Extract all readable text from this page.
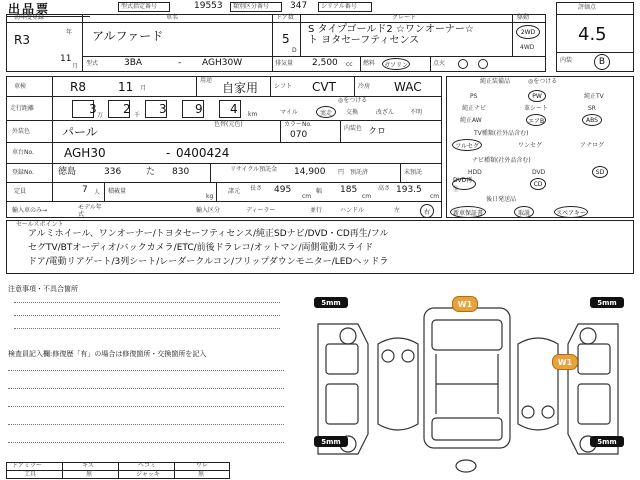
出品票	型式指定番号	19553 類別区分番号 347 シリアル番号
初年度登録	車名	ドア数	グレード	駆動
R3
年
11
月
アルファード	5
D
S タイプゴールド2 ☆ワンオーナー☆ト ヨタセーフティセンス
2WD
4WD
型式	3BA	- AGH30W	排気量 2,500 cc 燃料 ガソリン	点火
評価点
4.5
内装	B
車検	R8	11 月
用途
自家用	シフト CVT	冷房 WAC
走行距離	3 万 2 千 3 9 4 km	マイル
◎をつける
実走 交換	改ざん	不明
外装色	パール
色替(元色)	カラーNo.
070
内装色 クロ
車台No.	AGH30	- 0400424
登録No.	徳島	336	た 830	リサイクル預託金	14,900 円 預託済	未預託
定員	7 人 積載量
kg
諸元 長さ 495
cm
幅 185
cm
高さ 193.5
cm
輸入車のみ→	モデル年式
輸入区分	ディーラー	並行	ハンドル	左	右
純正装備品	◎をつける
PS	PW	純正TV
純正ナビ	革シート	SR
純正AW	エアB	ABS
TV種類(社外品含む)
フルセグ	ワンセグ	アナログ
ナビ種類(社外品含む)
HDD	DVD	SD
DVD再生
CD
後日発送品
新車保証書	取説	スペアキー
セールスポイント
アルミホイール、ワンオーナー/トヨタセーフティセンス/純正SDナビ/DVD・CD再生/フル
セグTV/BTオーディオ/バックカメラ/ETC/前後ドラレコ/オットマン/両側電動スライド
ドア/電動リアゲート/3列シート/レーダークルコン/フリップダウンモニター/LEDヘッドラ
注意事項・不具合箇所
検査員記入欄:修復歴「有」の場合は修復箇所・交換箇所を記入
ドアミラー	キズ	ヘコミ	ワレ
工具	無	ジャッキ	無
5mm	5mm
5mm	5mm
W1
W1
